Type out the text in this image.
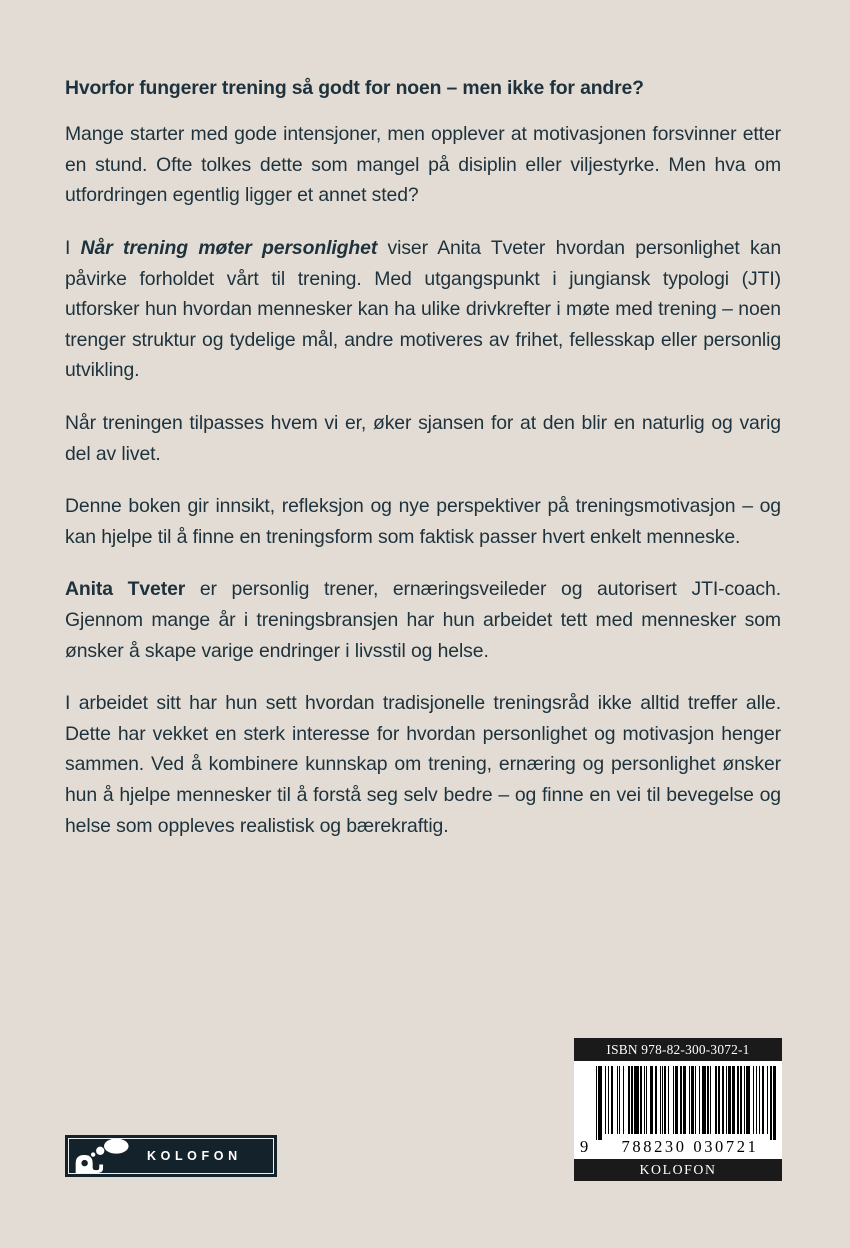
Hvorfor fungerer trening så godt for noen – men ikke for andre?

Mange starter med gode intensjoner, men opplever at motivasjonen forsvinner etter en stund. Ofte tolkes dette som mangel på disiplin eller viljestyrke. Men hva om utfordringen egentlig ligger et annet sted?

I Når trening møter personlighet viser Anita Tveter hvordan personlighet kan påvirke forholdet vårt til trening. Med utgangspunkt i jungiansk typologi (JTI) utforsker hun hvordan mennesker kan ha ulike drivkrefter i møte med trening – noen trenger struktur og tydelige mål, andre motiveres av frihet, fellesskap eller personlig utvikling.

Når treningen tilpasses hvem vi er, øker sjansen for at den blir en naturlig og varig del av livet.

Denne boken gir innsikt, refleksjon og nye perspektiver på treningsmotivasjon – og kan hjelpe til å finne en treningsform som faktisk passer hvert enkelt menneske.

Anita Tveter er personlig trener, ernæringsveileder og autorisert JTI-coach. Gjennom mange år i treningsbransjen har hun arbeidet tett med mennesker som ønsker å skape varige endringer i livsstil og helse.

I arbeidet sitt har hun sett hvordan tradisjonelle treningsråd ikke alltid treffer alle. Dette har vekket en sterk interesse for hvordan personlighet og motivasjon henger sammen. Ved å kombinere kunnskap om trening, ernæring og personlighet ønsker hun å hjelpe mennesker til å forstå seg selv bedre – og finne en vei til bevegelse og helse som oppleves realistisk og bærekraftig.

KOLOFON
ISBN 978-82-300-3072-1
9	788230 030721
KOLOFON
